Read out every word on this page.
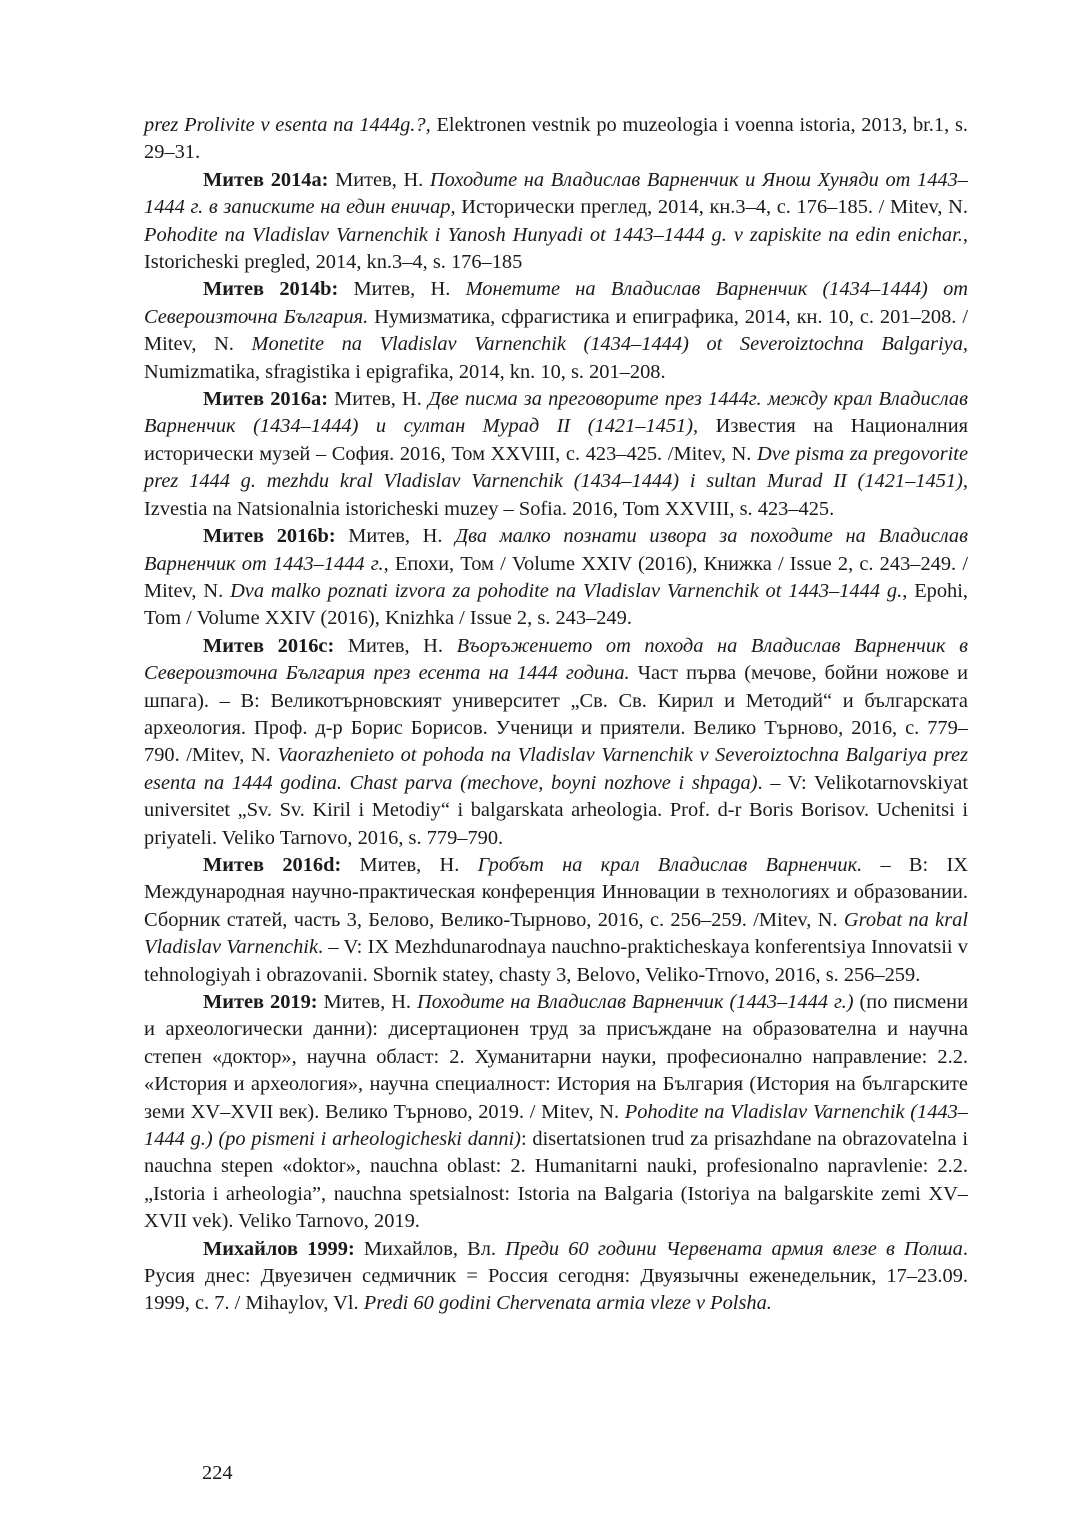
prez Prolivite v esenta na 1444g.?, Elektronen vestnik po muzeologia i voenna istoria, 2013, br.1, s. 29–31.

Митев 2014a: Митев, Н. Походите на Владислав Варненчик и Янош Хуняди от 1443–1444 г. в записките на един еничар, Исторически преглед, 2014, кн.3–4, с. 176–185. / Mitev, N. Pohodite na Vladislav Varnenchik i Yanosh Hunyadi ot 1443–1444 g. v zapiskite na edin enichar., Istoricheski pregled, 2014, kn.3–4, s. 176–185

Митев 2014b: Митев, Н. Монетите на Владислав Варненчик (1434–1444) от Североизточна България. Нумизматика, сфрагистика и епиграфика, 2014, кн. 10, с. 201–208. / Mitev, N. Monetite na Vladislav Varnenchik (1434–1444) ot Severoiztochna Balgariya, Numizmatika, sfragistika i epigrafika, 2014, kn. 10, s. 201–208.

Митев 2016a: Митев, Н. Две писма за преговорите през 1444г. между крал Владислав Варненчик (1434–1444) и султан Мурад II (1421–1451), Известия на Националния исторически музей – София. 2016, Том XXVIII, с. 423–425. /Mitev, N. Dve pisma za pregovorite prez 1444 g. mezhdu kral Vladislav Varnenchik (1434–1444) i sultan Murad II (1421–1451), Izvestia na Natsionalnia istoricheski muzey – Sofia. 2016, Tom XXVIII, s. 423–425.

Митев 2016b: Митев, Н. Два малко познати извора за походите на Владислав Варненчик от 1443–1444 г., Епохи, Том / Volume XXIV (2016), Книжка / Issue 2, с. 243–249. / Mitev, N. Dva malko poznati izvora za pohodite na Vladislav Varnenchik ot 1443–1444 g., Epohi, Tom / Volume XXIV (2016), Knizhka / Issue 2, s. 243–249.

Митев 2016c: Митев, Н. Въоръжението от похода на Владислав Варненчик в Североизточна България през есента на 1444 година. Част първа (мечове, бойни ножове и шпага). – В: Великотърновският университет „Св. Св. Кирил и Методий“ и българската археология. Проф. д-р Борис Борисов. Ученици и приятели. Велико Търново, 2016, с. 779–790. /Mitev, N. Vaorazhenieto ot pohoda na Vladislav Varnenchik v Severoiztochna Balgariya prez esenta na 1444 godina. Chast parva (mechove, boyni nozhove i shpaga). – V: Velikotarnovskiyat universitet „Sv. Sv. Kiril i Metodiy“ i balgarskata arheologia. Prof. d-r Boris Borisov. Uchenitsi i priyateli. Veliko Tarnovo, 2016, s. 779–790.

Митев 2016d: Митев, Н. Гробът на крал Владислав Варненчик. – В: IX Международная научно-практическая конференция Инновации в технологиях и образовании. Сборник статей, часть 3, Белово, Велико-Тырново, 2016, с. 256–259. /Mitev, N. Grobat na kral Vladislav Varnenchik. – V: IX Mezhdunarodnaya nauchno-prakticheskaya konferentsiya Innovatsii v tehnologiyah i obrazovanii. Sbornik statey, chasty 3, Belovo, Veliko-Trnovo, 2016, s. 256–259.

Митев 2019: Митев, Н. Походите на Владислав Варненчик (1443–1444 г.) (по писмени и археологически данни): дисертационен труд за присъждане на образователна и научна степен «доктор», научна област: 2. Хуманитарни науки, професионално направление: 2.2. «История и археология», научна специалност: История на България (История на българските земи XV–XVII век). Велико Търново, 2019. / Mitev, N. Pohodite na Vladislav Varnenchik (1443–1444 g.) (po pismeni i arheologicheski danni): disertatsionen trud za prisazhdane na obrazovatelna i nauchna stepen «doktor», nauchna oblast: 2. Humanitarni nauki, profesionalno napravlenie: 2.2. „Istoria i arheologia”, nauchna spetsialnost: Istoria na Balgaria (Istoriya na balgarskite zemi XV–XVII vek). Veliko Tarnovo, 2019.

Михайлов 1999: Михайлов, Вл. Преди 60 години Червената армия влезе в Полша. Русия днес: Двуезичен седмичник = Россия сегодня: Двуязычны еженедельник, 17–23.09. 1999, с. 7. / Mihaylov, Vl. Predi 60 godini Chervenata armia vleze v Polsha.

224
